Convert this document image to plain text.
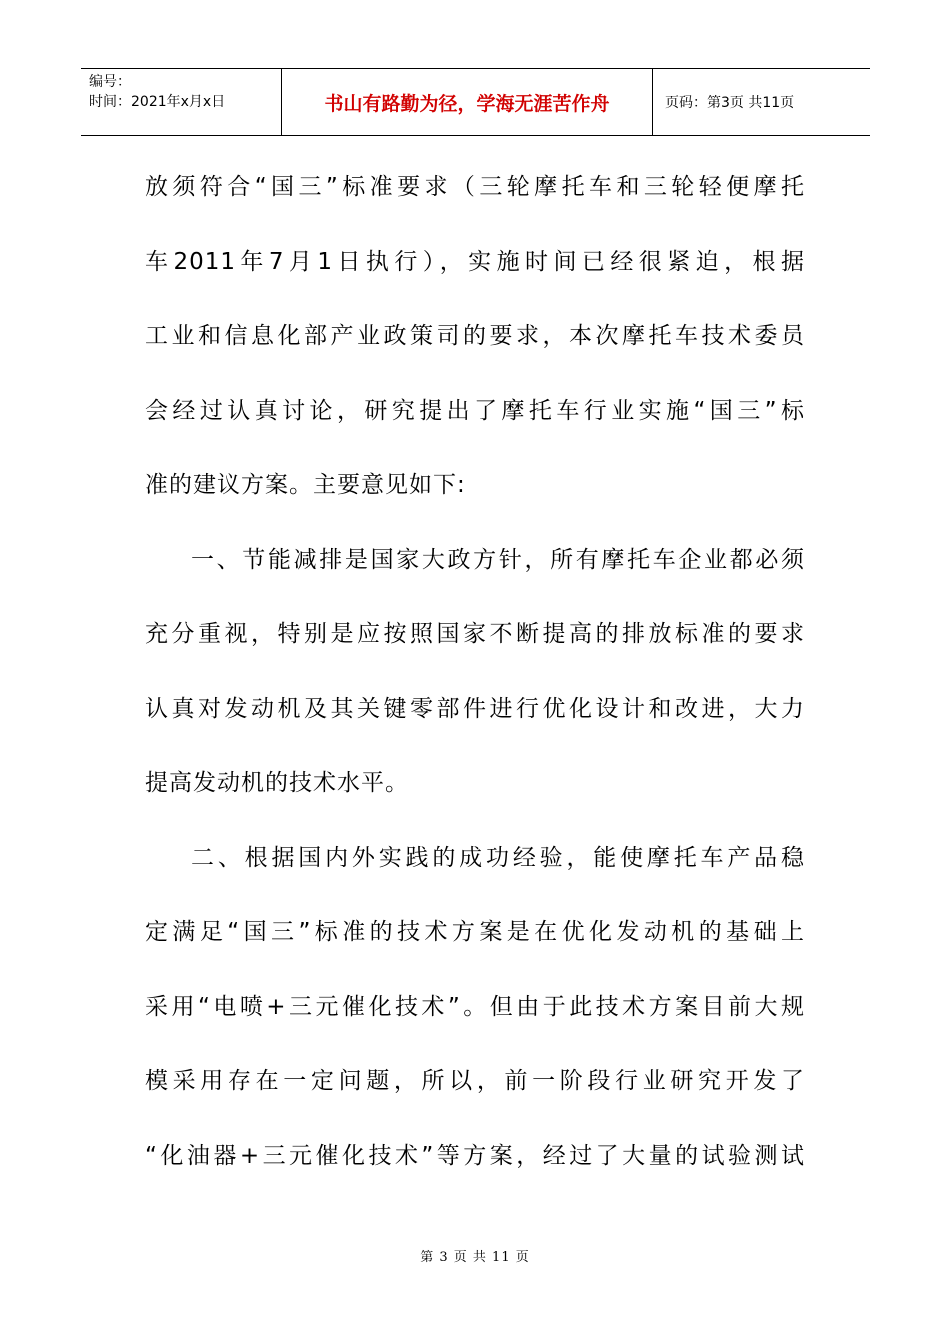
编号：
时间：2021年x月x日	书山有路勤为径，学海无涯苦作舟	页码：第3页 共11页
放须符合“国三”标准要求（三轮摩托车和三轮轻便摩托
车2011年7月1日执行），实施时间已经很紧迫，根据
工业和信息化部产业政策司的要求，本次摩托车技术委员
会经过认真讨论，研究提出了摩托车行业实施“国三”标
准的建议方案。主要意见如下:
一、节能减排是国家大政方针，所有摩托车企业都必须
充分重视，特别是应按照国家不断提高的排放标准的要求
认真对发动机及其关键零部件进行优化设计和改进，大力
提高发动机的技术水平。
二、根据国内外实践的成功经验，能使摩托车产品稳
定满足“国三”标准的技术方案是在优化发动机的基础上
采用“电喷+三元催化技术”。但由于此技术方案目前大规
模采用存在一定问题，所以，前一阶段行业研究开发了
“化油器+三元催化技术”等方案，经过了大量的试验测试
第 3 页 共 11 页
